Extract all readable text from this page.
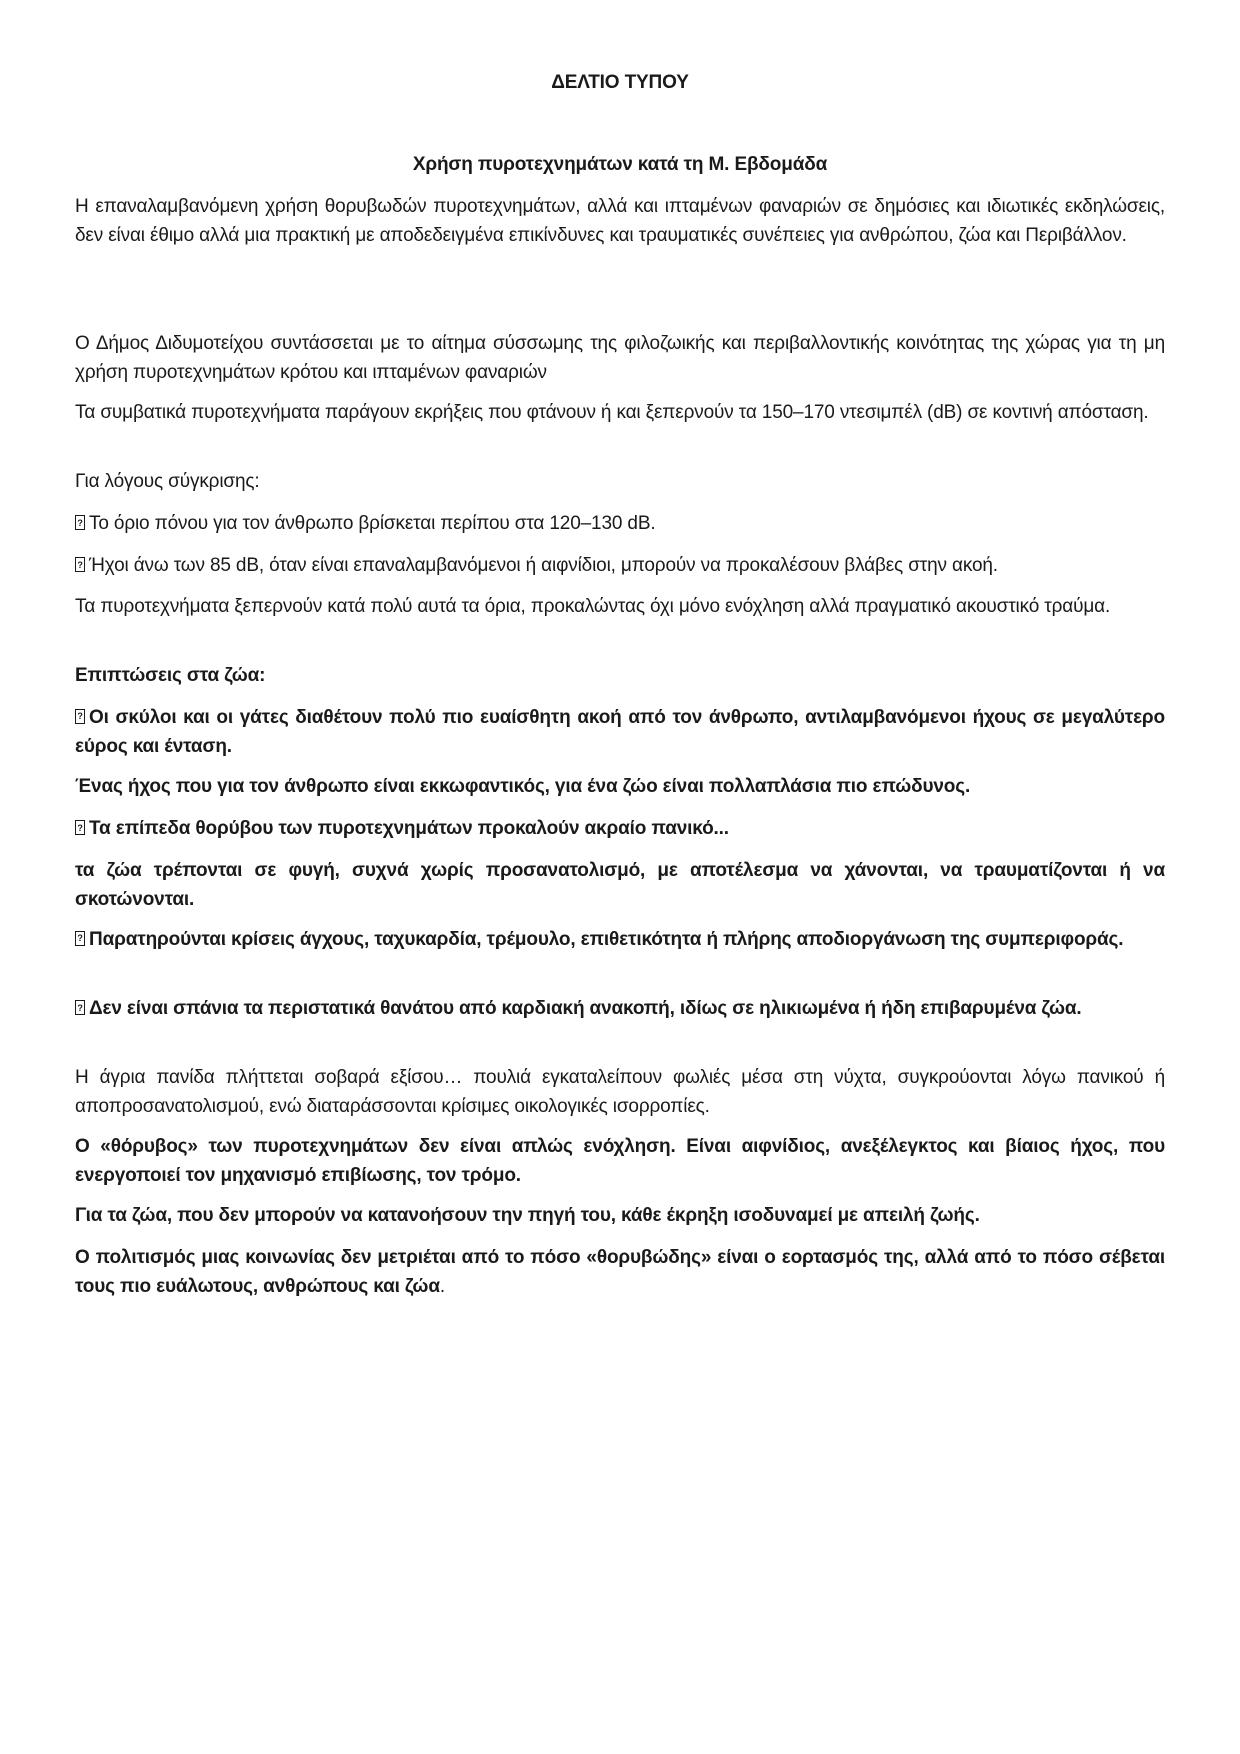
ΔΕΛΤΙΟ ΤΥΠΟΥ
Χρήση πυροτεχνημάτων κατά τη Μ. Εβδομάδα

Η επαναλαμβανόμενη χρήση θορυβωδών πυροτεχνημάτων, αλλά και ιπταμένων φαναριών σε δημόσιες και ιδιωτικές εκδηλώσεις, δεν είναι έθιμο αλλά μια πρακτική με αποδεδειγμένα επικίνδυνες και τραυματικές συνέπειες για ανθρώπου, ζώα και Περιβάλλον.

Ο Δήμος Διδυμοτείχου συντάσσεται με το αίτημα σύσσωμης της φιλοζωικής και περιβαλλοντικής κοινότητας της χώρας για τη μη χρήση πυροτεχνημάτων κρότου και ιπταμένων φαναριών

Τα συμβατικά πυροτεχνήματα παράγουν εκρήξεις που φτάνουν ή και ξεπερνούν τα 150–170 ντεσιμπέλ (dB) σε κοντινή απόσταση.

Για λόγους σύγκρισης:

?Το όριο πόνου για τον άνθρωπο βρίσκεται περίπου στα 120–130 dB.

?Ήχοι άνω των 85 dB, όταν είναι επαναλαμβανόμενοι ή αιφνίδιοι, μπορούν να προκαλέσουν βλάβες στην ακοή.

Τα πυροτεχνήματα ξεπερνούν κατά πολύ αυτά τα όρια, προκαλώντας όχι μόνο ενόχληση αλλά πραγματικό ακουστικό τραύμα.

Επιπτώσεις στα ζώα:

?Οι σκύλοι και οι γάτες διαθέτουν πολύ πιο ευαίσθητη ακοή από τον άνθρωπο, αντιλαμβανόμενοι ήχους σε μεγαλύτερο εύρος και ένταση.

Ένας ήχος που για τον άνθρωπο είναι εκκωφαντικός, για ένα ζώο είναι πολλαπλάσια πιο επώδυνος.

?Τα επίπεδα θορύβου των πυροτεχνημάτων προκαλούν ακραίο πανικό...

τα ζώα τρέπονται σε φυγή, συχνά χωρίς προσανατολισμό, με αποτέλεσμα να χάνονται, να τραυματίζονται ή να σκοτώνονται.

?Παρατηρούνται κρίσεις άγχους, ταχυκαρδία, τρέμουλο, επιθετικότητα ή πλήρης αποδιοργάνωση της συμπεριφοράς.

?Δεν είναι σπάνια τα περιστατικά θανάτου από καρδιακή ανακοπή, ιδίως σε ηλικιωμένα ή ήδη επιβαρυμένα ζώα.

Η άγρια πανίδα πλήττεται σοβαρά εξίσου… πουλιά εγκαταλείπουν φωλιές μέσα στη νύχτα, συγκρούονται λόγω πανικού ή αποπροσανατολισμού, ενώ διαταράσσονται κρίσιμες οικολογικές ισορροπίες.

Ο «θόρυβος» των πυροτεχνημάτων δεν είναι απλώς ενόχληση. Είναι αιφνίδιος, ανεξέλεγκτος και βίαιος ήχος, που ενεργοποιεί τον μηχανισμό επιβίωσης, τον τρόμο.

Για τα ζώα, που δεν μπορούν να κατανοήσουν την πηγή του, κάθε έκρηξη ισοδυναμεί με απειλή ζωής.

Ο πολιτισμός μιας κοινωνίας δεν μετριέται από το πόσο «θορυβώδης» είναι ο εορτασμός της, αλλά από το πόσο σέβεται τους πιο ευάλωτους, ανθρώπους και ζώα.
